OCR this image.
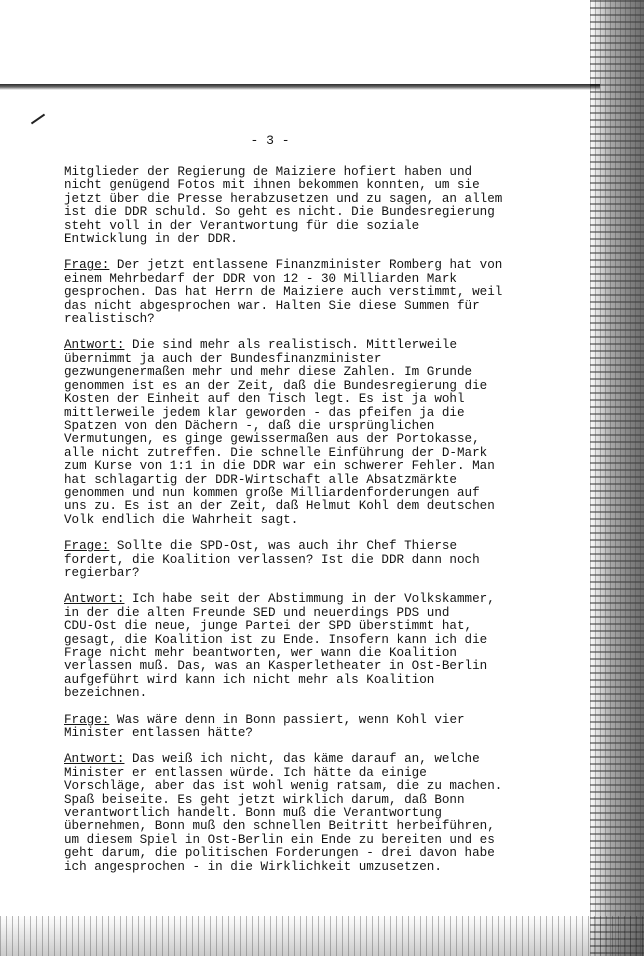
- 3 -
Mitglieder der Regierung de Maiziere hofiert haben und
nicht genügend Fotos mit ihnen bekommen konnten, um sie
jetzt über die Presse herabzusetzen und zu sagen, an allem
ist die DDR schuld. So geht es nicht. Die Bundesregierung
steht voll in der Verantwortung für die soziale
Entwicklung in der DDR.
Frage: Der jetzt entlassene Finanzminister Romberg hat von
einem Mehrbedarf der DDR von 12 - 30 Milliarden Mark
gesprochen. Das hat Herrn de Maiziere auch verstimmt, weil
das nicht abgesprochen war. Halten Sie diese Summen für
realistisch?
Antwort: Die sind mehr als realistisch. Mittlerweile
übernimmt ja auch der Bundesfinanzminister
gezwungenermaßen mehr und mehr diese Zahlen. Im Grunde
genommen ist es an der Zeit, daß die Bundesregierung die
Kosten der Einheit auf den Tisch legt. Es ist ja wohl
mittlerweile jedem klar geworden - das pfeifen ja die
Spatzen von den Dächern -, daß die ursprünglichen
Vermutungen, es ginge gewissermaßen aus der Portokasse,
alle nicht zutreffen. Die schnelle Einführung der D-Mark
zum Kurse von 1:1 in die DDR war ein schwerer Fehler. Man
hat schlagartig der DDR-Wirtschaft alle Absatzmärkte
genommen und nun kommen große Milliardenforderungen auf
uns zu. Es ist an der Zeit, daß Helmut Kohl dem deutschen
Volk endlich die Wahrheit sagt.
Frage: Sollte die SPD-Ost, was auch ihr Chef Thierse
fordert, die Koalition verlassen? Ist die DDR dann noch
regierbar?
Antwort: Ich habe seit der Abstimmung in der Volkskammer,
in der die alten Freunde SED und neuerdings PDS und
CDU-Ost die neue, junge Partei der SPD überstimmt hat,
gesagt, die Koalition ist zu Ende. Insofern kann ich die
Frage nicht mehr beantworten, wer wann die Koalition
verlassen muß. Das, was an Kasperletheater in Ost-Berlin
aufgeführt wird kann ich nicht mehr als Koalition
bezeichnen.
Frage: Was wäre denn in Bonn passiert, wenn Kohl vier
Minister entlassen hätte?
Antwort: Das weiß ich nicht, das käme darauf an, welche
Minister er entlassen würde. Ich hätte da einige
Vorschläge, aber das ist wohl wenig ratsam, die zu machen.
Spaß beiseite. Es geht jetzt wirklich darum, daß Bonn
verantwortlich handelt. Bonn muß die Verantwortung
übernehmen, Bonn muß den schnellen Beitritt herbeiführen,
um diesem Spiel in Ost-Berlin ein Ende zu bereiten und es
geht darum, die politischen Forderungen - drei davon habe
ich angesprochen - in die Wirklichkeit umzusetzen.
